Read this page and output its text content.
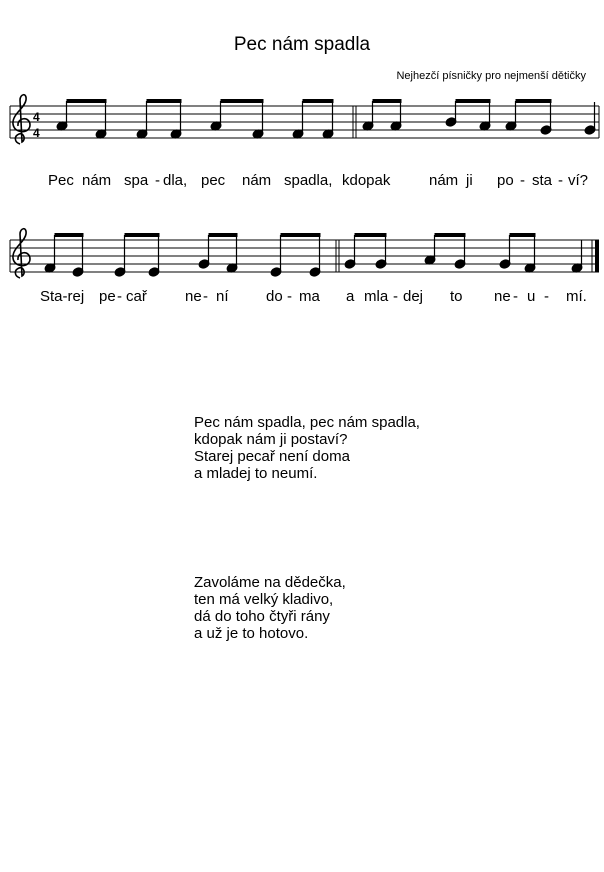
Pec nám spadla
Nejhezčí písničky pro nejmenší dětičky
4
4
Pec nám spa - dla, pec nám spadla, kdopak	nám ji po - sta - ví?
Sta-rej pe - cař	ne - ní do - ma a mla - dej to ne - u - mí.
Pec nám spadla, pec nám spadla,
kdopak nám ji postaví?
Starej pecař není doma
a mladej to neumí.
Zavoláme na dědečka,
ten má velký kladivo,
dá do toho čtyři rány
a už je to hotovo.
